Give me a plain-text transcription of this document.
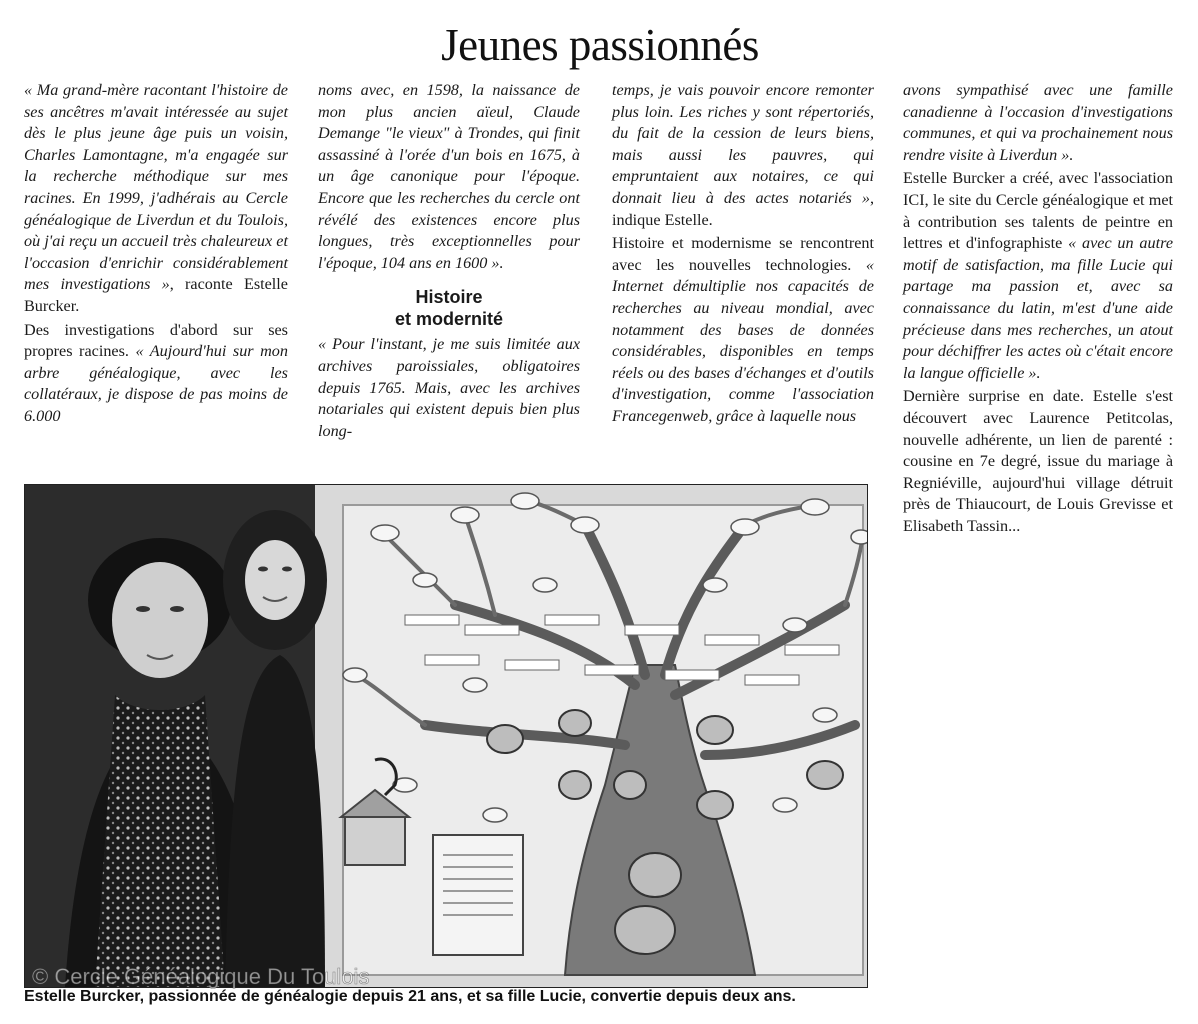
Jeunes passionnés

« Ma grand-mère racontant l'histoire de ses ancêtres m'avait intéressée au sujet dès le plus jeune âge puis un voisin, Charles Lamontagne, m'a engagée sur la recherche méthodique sur mes racines. En 1999, j'adhérais au Cercle généalogique de Liverdun et du Toulois, où j'ai reçu un accueil très chaleureux et l'occasion d'enrichir considérablement mes investigations », raconte Estelle Burcker.

Des investigations d'abord sur ses propres racines. « Aujourd'hui sur mon arbre généalogique, avec les collatéraux, je dispose de pas moins de 6.000

noms avec, en 1598, la naissance de mon plus ancien aïeul, Claude Demange "le vieux" à Trondes, qui finit assassiné à l'orée d'un bois en 1675, à un âge canonique pour l'époque. Encore que les recherches du cercle ont révélé des existences encore plus longues, très exceptionnelles pour l'époque, 104 ans en 1600 ».

Histoire
et modernité

« Pour l'instant, je me suis limitée aux archives paroissiales, obligatoires depuis 1765. Mais, avec les archives notariales qui existent depuis bien plus long-

temps, je vais pouvoir encore remonter plus loin. Les riches y sont répertoriés, du fait de la cession de leurs biens, mais aussi les pauvres, qui empruntaient aux notaires, ce qui donnait lieu à des actes notariés », indique Estelle.

Histoire et modernisme se rencontrent avec les nouvelles technologies. « Internet démultiplie nos capacités de recherches au niveau mondial, avec notamment des bases de données considérables, disponibles en temps réels ou des bases d'échanges et d'outils d'investigation, comme l'association Francegenweb, grâce à laquelle nous

avons sympathisé avec une famille canadienne à l'occasion d'investigations communes, et qui va prochainement nous rendre visite à Liverdun ».

Estelle Burcker a créé, avec l'association ICI, le site du Cercle généalogique et met à contribution ses talents de peintre en lettres et d'infographiste « avec un autre motif de satisfaction, ma fille Lucie qui partage ma passion et, avec sa connaissance du latin, m'est d'une aide précieuse dans mes recherches, un atout pour déchiffrer les actes où c'était encore la langue officielle ».

Dernière surprise en date. Estelle s'est découvert avec Laurence Petitcolas, nouvelle adhérente, un lien de parenté : cousine en 7e degré, issue du mariage à Regniéville, aujourd'hui village détruit près de Thiaucourt, de Louis Grevisse et Elisabeth Tassin...

© Cercle Généalogique Du Toulois
Estelle Burcker, passionnée de généalogie depuis 21 ans, et sa fille Lucie, convertie depuis deux ans.
